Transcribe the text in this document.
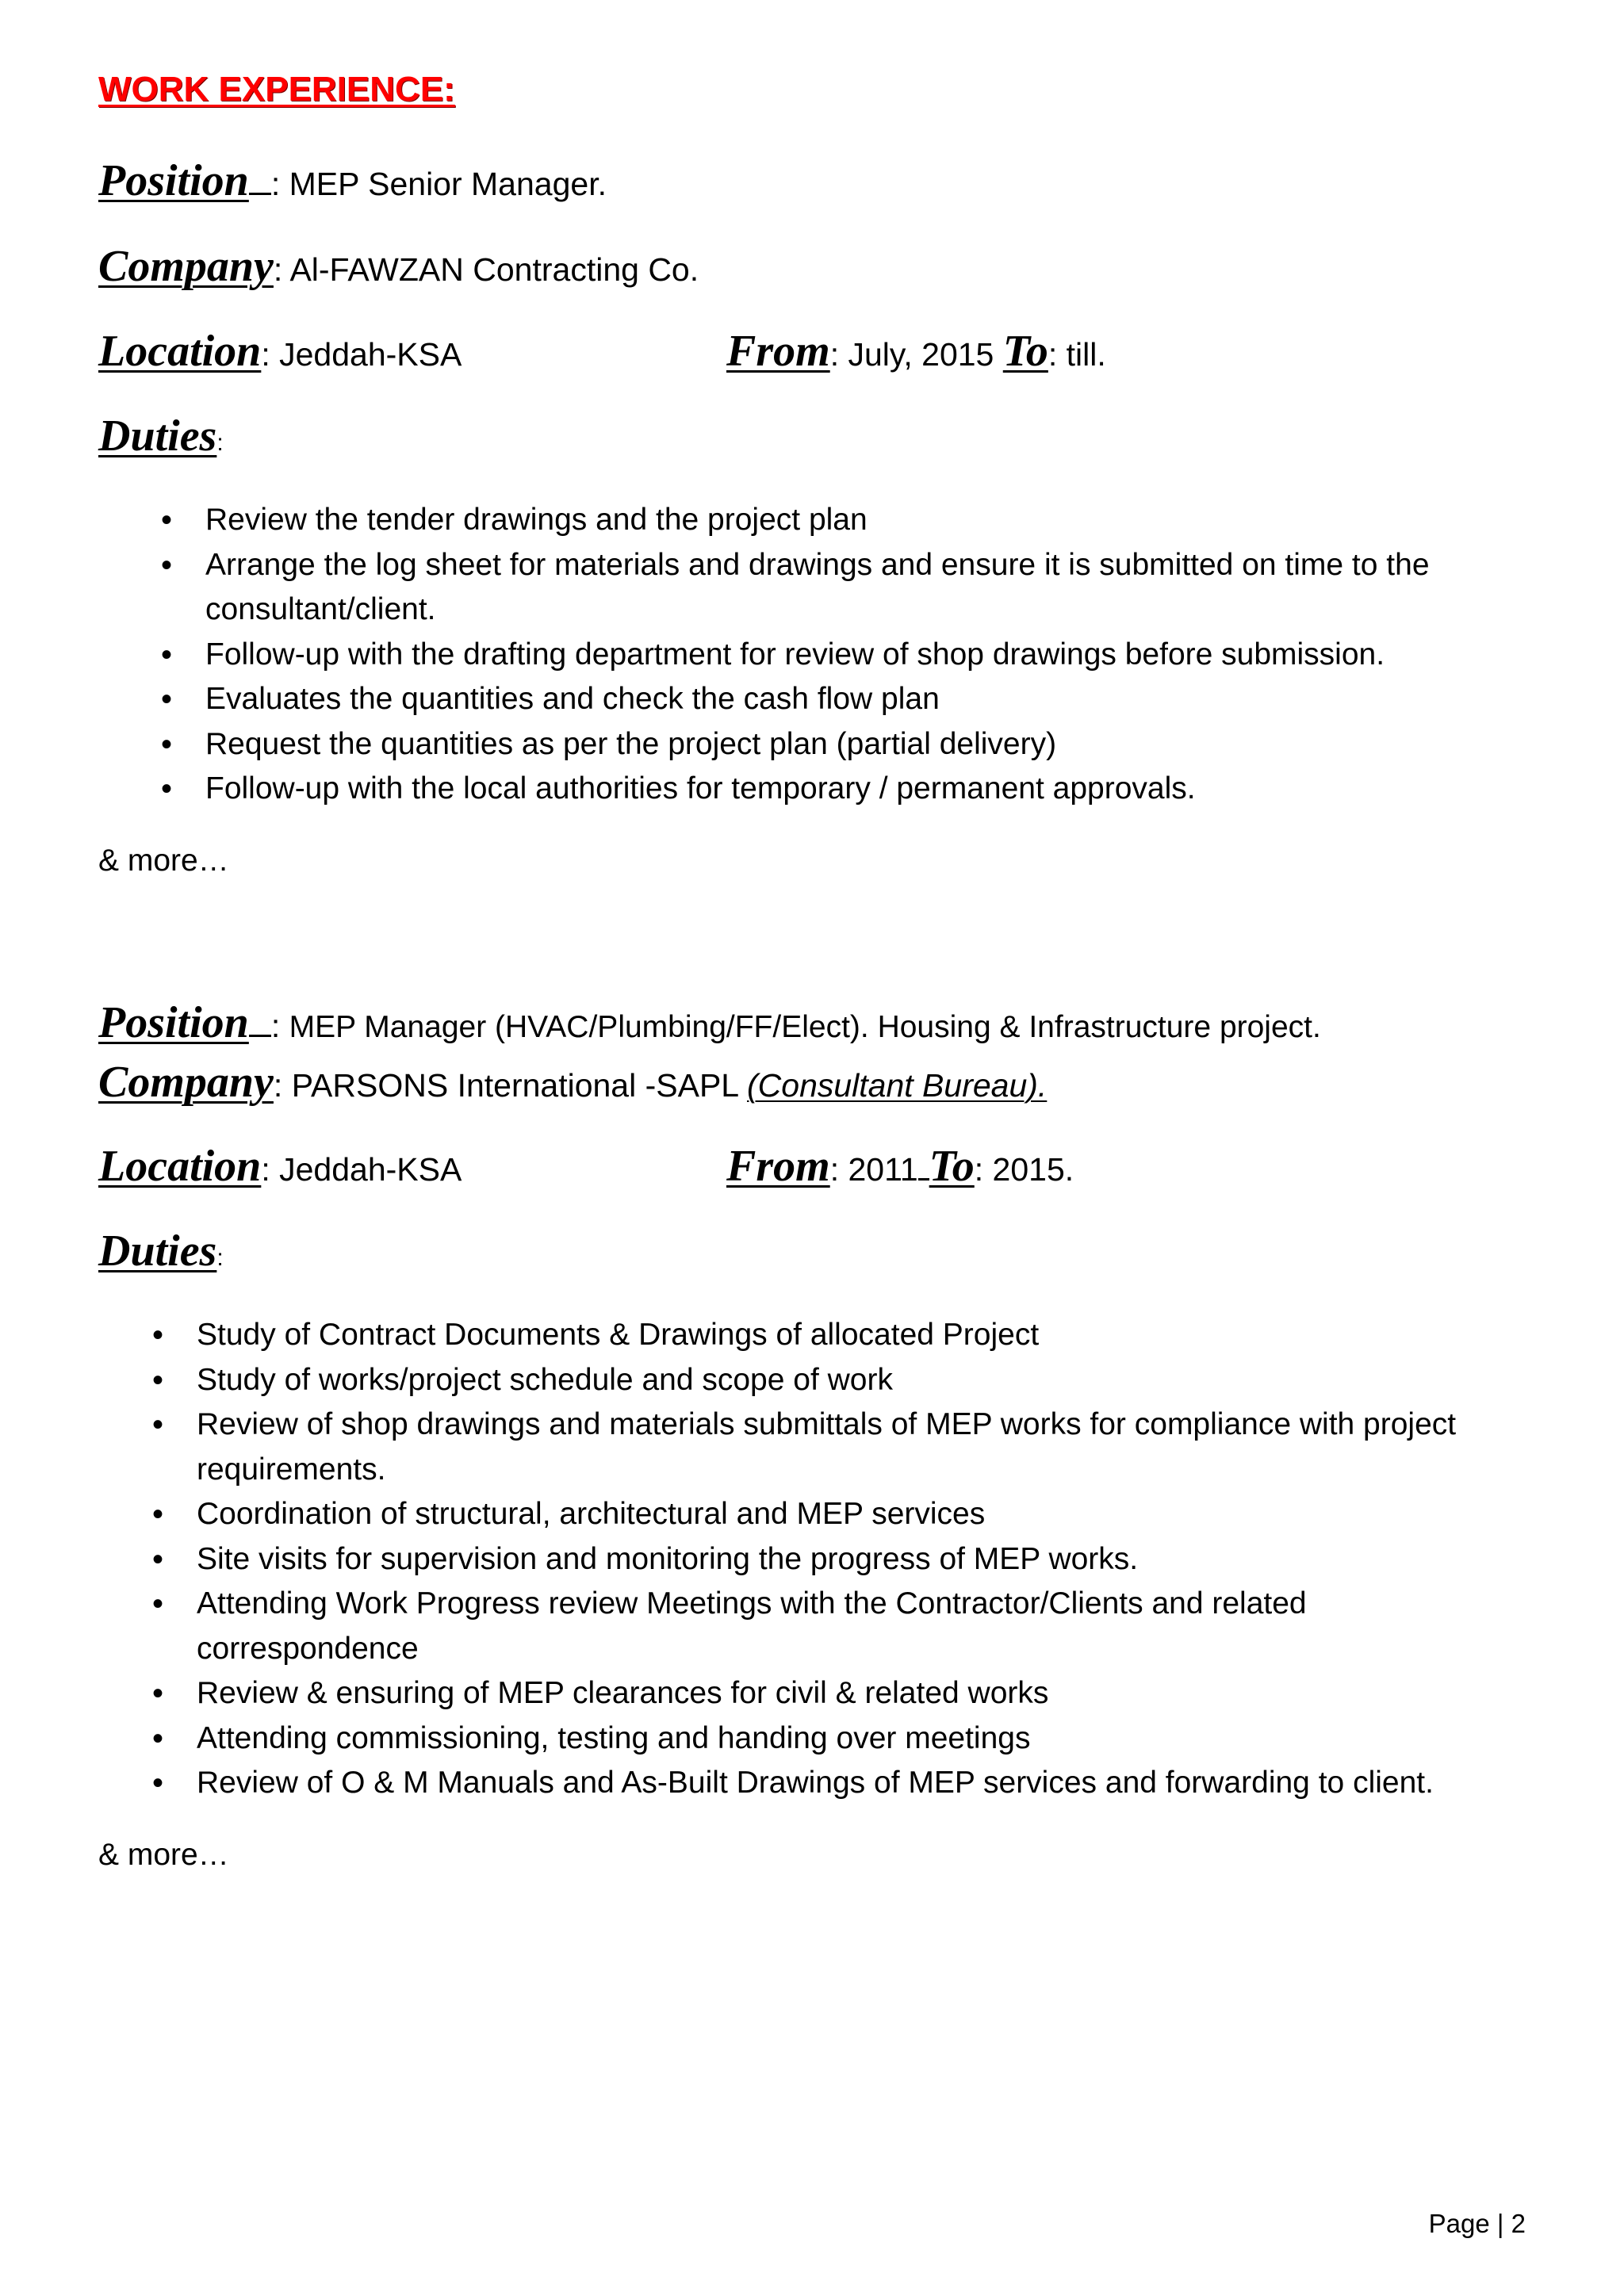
WORK EXPERIENCE:
Position : MEP Senior Manager.
Company: Al-FAWZAN Contracting Co.
Location: Jeddah-KSA	From: July, 2015 To: till.
Duties:
• Review the tender drawings and the project plan
• Arrange the log sheet for materials and drawings and ensure it is submitted on time to the consultant/client.
• Follow-up with the drafting department for review of shop drawings before submission.
• Evaluates the quantities and check the cash flow plan
• Request the quantities as per the project plan (partial delivery)
• Follow-up with the local authorities for temporary / permanent approvals.
& more…
Position : MEP Manager (HVAC/Plumbing/FF/Elect). Housing & Infrastructure project.
Company: PARSONS International -SAPL (Consultant Bureau).
Location: Jeddah-KSA	From: 2011 To: 2015.
Duties:
• Study of Contract Documents & Drawings of allocated Project
• Study of works/project schedule and scope of work
• Review of shop drawings and materials submittals of MEP works for compliance with project requirements.
• Coordination of structural, architectural and MEP services
• Site visits for supervision and monitoring the progress of MEP works.
• Attending Work Progress review Meetings with the Contractor/Clients and related correspondence
• Review & ensuring of MEP clearances for civil & related works
• Attending commissioning, testing and handing over meetings
• Review of O & M Manuals and As-Built Drawings of MEP services and forwarding to client.
& more…
Page | 2
